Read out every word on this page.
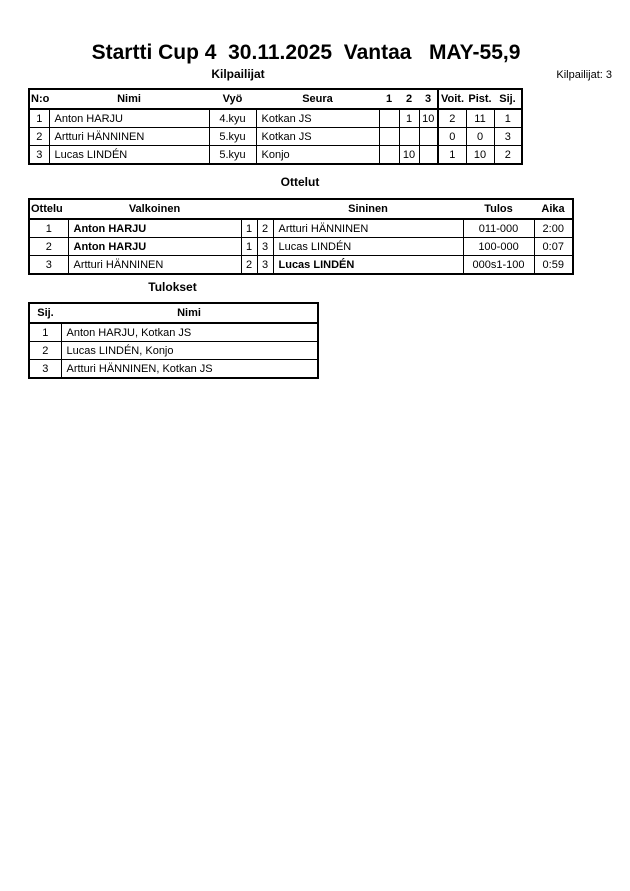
Startti Cup 4  30.11.2025  Vantaa   MAY-55,9
Kilpailijat	Kilpailijat: 3
N:o	Nimi	Vyö	Seura	1	2	3	Voit.	Pist.	Sij.
1	Anton HARJU	4.kyu	Kotkan JS		1	10	2	11	1
2	Artturi HÄNNINEN	5.kyu	Kotkan JS				0	0	3
3	Lucas LINDÉN	5.kyu	Konjo		10		1	10	2
Ottelut
Ottelu	Valkoinen			Sininen	Tulos	Aika
1	Anton HARJU	1	2	Artturi HÄNNINEN	011-000	2:00
2	Anton HARJU	1	3	Lucas LINDÉN	100-000	0:07
3	Artturi HÄNNINEN	2	3	Lucas LINDÉN	000s1-100	0:59
Tulokset
Sij.	Nimi
1	Anton HARJU, Kotkan JS
2	Lucas LINDÉN, Konjo
3	Artturi HÄNNINEN, Kotkan JS
